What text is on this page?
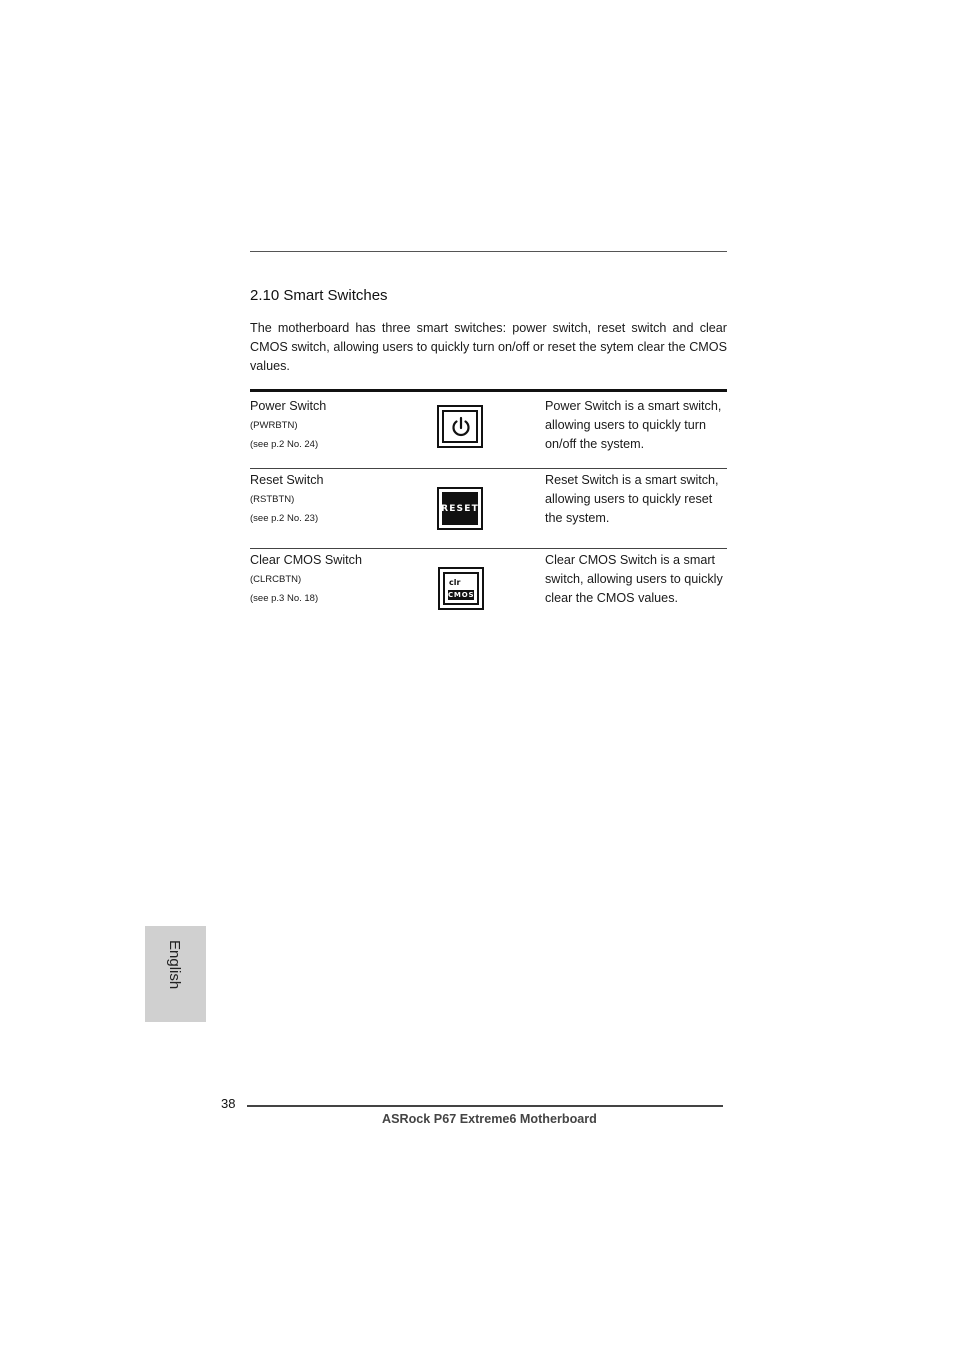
2.10 Smart Switches

The motherboard has three smart switches: power switch, reset switch and clear CMOS switch, allowing users to quickly turn on/off or reset the sytem clear the CMOS values.

Power Switch
(PWRBTN)
(see p.2 No. 24)

Power Switch is a smart switch, allowing users to quickly turn on/off the system.

Reset Switch
(RSTBTN)
(see p.2 No. 23)
RESET

Reset Switch is a smart switch, allowing users to quickly reset the system.

Clear CMOS Switch
(CLRCBTN)
(see p.3 No. 18)
clr
CMOS

Clear CMOS Switch is a smart switch, allowing users to quickly clear the CMOS values.

English
38
ASRock P67 Extreme6 Motherboard
